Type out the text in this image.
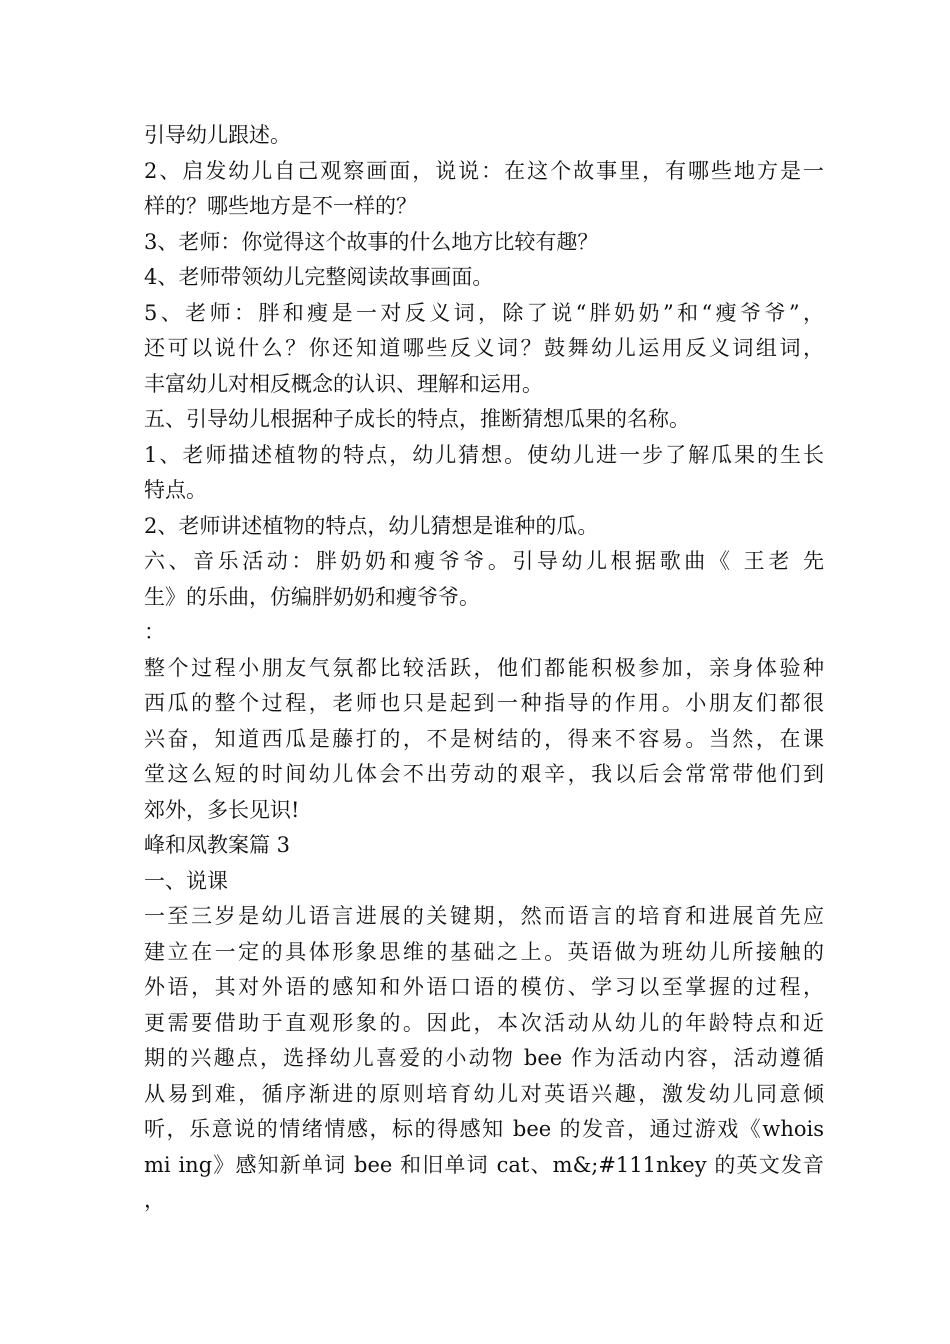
引导幼儿跟述。
2、启发幼儿自己观察画面，说说：在这个故事里，有哪些地方是一
样的？哪些地方是不一样的？
3、老师：你觉得这个故事的什么地方比较有趣？
4、老师带领幼儿完整阅读故事画面。
5、老师：胖和瘦是一对反义词，除了说“胖奶奶”和“瘦爷爷”，
还可以说什么？你还知道哪些反义词？鼓舞幼儿运用反义词组词，
丰富幼儿对相反概念的认识、理解和运用。
五、引导幼儿根据种子成长的特点，推断猜想瓜果的名称。
1、老师描述植物的特点，幼儿猜想。使幼儿进一步了解瓜果的生长
特点。
2、老师讲述植物的特点，幼儿猜想是谁种的瓜。
六、音乐活动：胖奶奶和瘦爷爷。引导幼儿根据歌曲《 王老 先
生》的乐曲，仿编胖奶奶和瘦爷爷。
：
整个过程小朋友气氛都比较活跃，他们都能积极参加，亲身体验种
西瓜的整个过程，老师也只是起到一种指导的作用。小朋友们都很
兴奋，知道西瓜是藤打的，不是树结的，得来不容易。当然，在课
堂这么短的时间幼儿体会不出劳动的艰辛，我以后会常常带他们到
郊外，多长见识!
峰和凤教案篇 3
一、说课
一至三岁是幼儿语言进展的关键期，然而语言的培育和进展首先应
建立在一定的具体形象思维的基础之上。英语做为班幼儿所接触的
外语，其对外语的感知和外语口语的模仿、学习以至掌握的过程，
更需要借助于直观形象的。因此，本次活动从幼儿的年龄特点和近
期的兴趣点，选择幼儿喜爱的小动物 bee 作为活动内容，活动遵循
从易到难，循序渐进的原则培育幼儿对英语兴趣，激发幼儿同意倾
听，乐意说的情绪情感，标的得感知 bee 的发音，通过游戏《whois
mi ing》感知新单词 bee 和旧单词 cat、m&;#111nkey 的英文发音 ，
